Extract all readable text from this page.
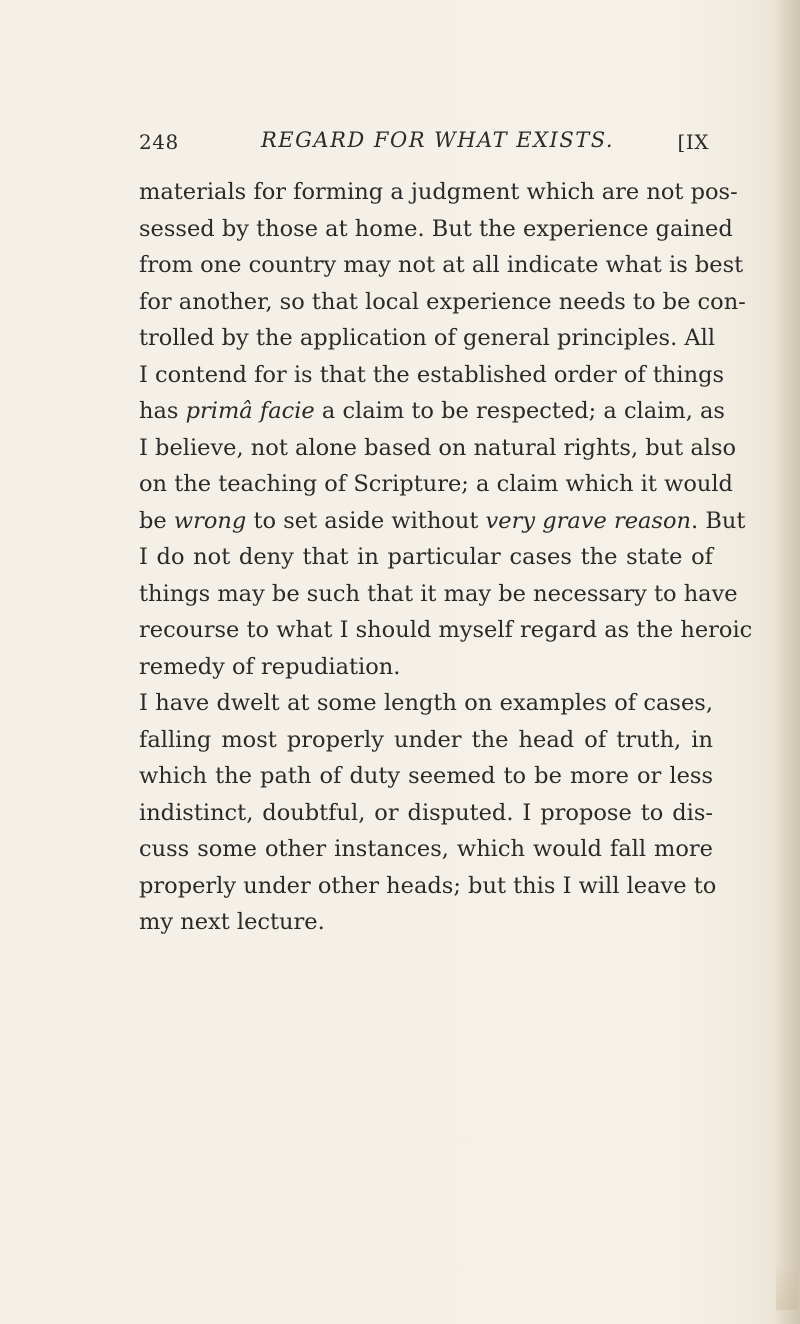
248	REGARD FOR WHAT EXISTS.	[IX
materials for forming a judgment which are not pos-
sessed by those at home. But the experience gained
from one country may not at all indicate what is best
for another, so that local experience needs to be con-
trolled by the application of general principles. All
I contend for is that the established order of things
has primâ facie a claim to be respected; a claim, as
I believe, not alone based on natural rights, but also
on the teaching of Scripture; a claim which it would
be wrong to set aside without very grave reason. But
I do not deny that in particular cases the state of
things may be such that it may be necessary to have
recourse to what I should myself regard as the heroic
remedy of repudiation.
I have dwelt at some length on examples of cases,
falling most properly under the head of truth, in
which the path of duty seemed to be more or less
indistinct, doubtful, or disputed. I propose to dis-
cuss some other instances, which would fall more
properly under other heads; but this I will leave to
my next lecture.
